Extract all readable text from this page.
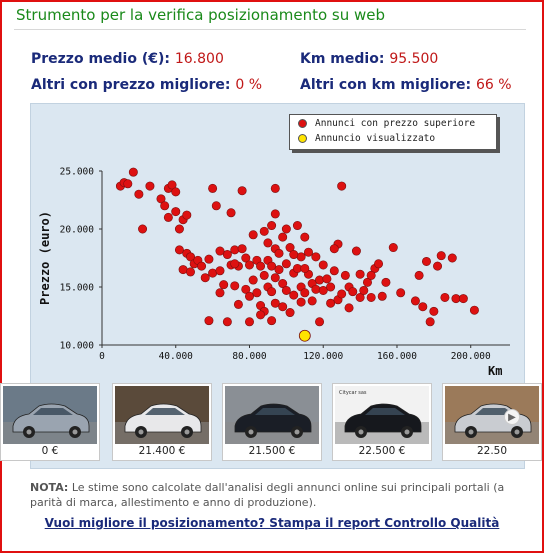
Strumento per la verifica posizionamento su web
Prezzo medio (€): 16.800	Km medio: 95.500
Altri con prezzo migliore: 0 %	Altri con km migliore: 66 %
0	40.000	80.000	120.000	160.000	200.000
25.000
20.000
15.000
10.000
Prezzo (euro)
Km
Annunci con prezzo superiore
Annuncio visualizzato
0 €	21.400 €	21.500 €
Citycar sas
22.500 €	22.50
▶
NOTA: Le stime sono calcolate dall'analisi degli annunci online sui principali portali (a parità di marca, allestimento e anno di produzione).
Vuoi migliore il posizionamento? Stampa il report Controllo Qualità
